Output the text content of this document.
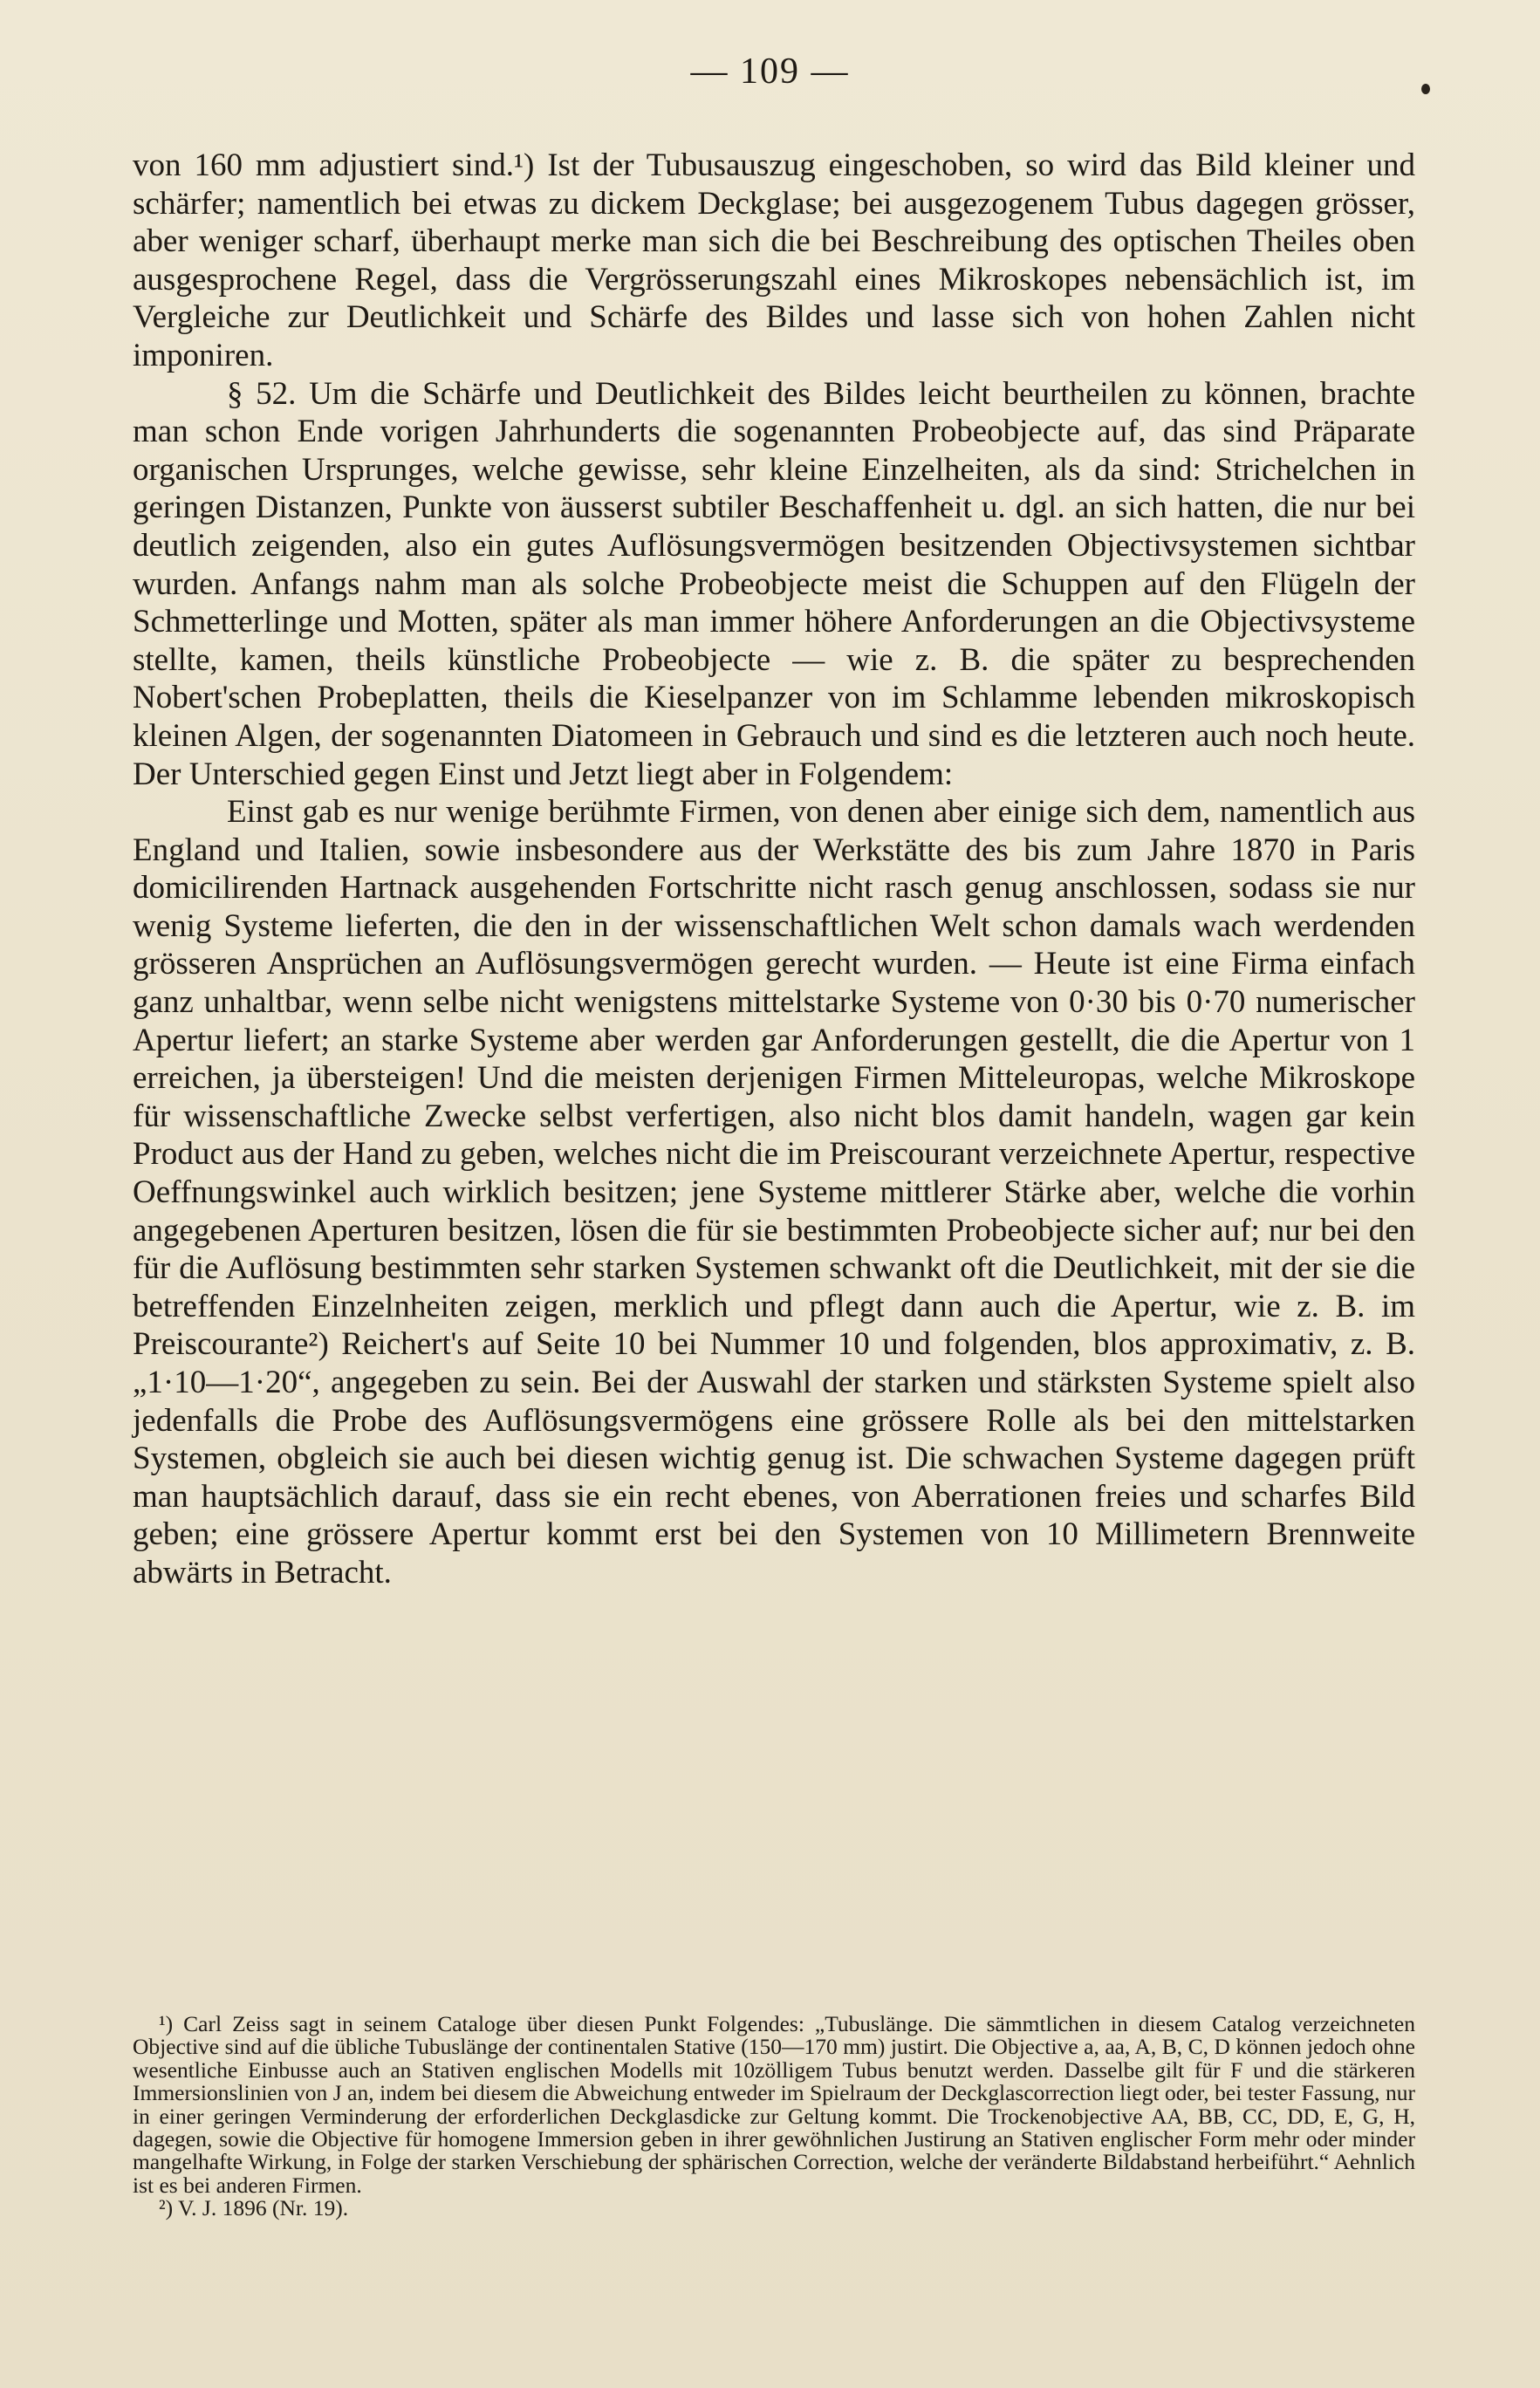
— 109 —

von 160 mm adjustiert sind.¹) Ist der Tubusauszug eingeschoben, so wird das Bild kleiner und schärfer; namentlich bei etwas zu dickem Deckglase; bei ausgezogenem Tubus dagegen grösser, aber weniger scharf, überhaupt merke man sich die bei Beschreibung des optischen Theiles oben ausgesprochene Regel, dass die Vergrösserungszahl eines Mikroskopes nebensächlich ist, im Vergleiche zur Deutlichkeit und Schärfe des Bildes und lasse sich von hohen Zahlen nicht imponiren.

§ 52. Um die Schärfe und Deutlichkeit des Bildes leicht beurtheilen zu können, brachte man schon Ende vorigen Jahrhunderts die sogenannten Probeobjecte auf, das sind Präparate organischen Ursprunges, welche gewisse, sehr kleine Einzelheiten, als da sind: Strichelchen in geringen Distanzen, Punkte von äusserst subtiler Beschaffenheit u. dgl. an sich hatten, die nur bei deutlich zeigenden, also ein gutes Auflösungsvermögen besitzenden Objectivsystemen sichtbar wurden. Anfangs nahm man als solche Probeobjecte meist die Schuppen auf den Flügeln der Schmetterlinge und Motten, später als man immer höhere Anforderungen an die Objectivsysteme stellte, kamen, theils künstliche Probeobjecte — wie z. B. die später zu besprechenden Nobert'schen Probeplatten, theils die Kieselpanzer von im Schlamme lebenden mikroskopisch kleinen Algen, der sogenannten Diatomeen in Gebrauch und sind es die letzteren auch noch heute. Der Unterschied gegen Einst und Jetzt liegt aber in Folgendem:

Einst gab es nur wenige berühmte Firmen, von denen aber einige sich dem, namentlich aus England und Italien, sowie insbesondere aus der Werkstätte des bis zum Jahre 1870 in Paris domicilirenden Hartnack ausgehenden Fortschritte nicht rasch genug anschlossen, sodass sie nur wenig Systeme lieferten, die den in der wissenschaftlichen Welt schon damals wach werdenden grösseren Ansprüchen an Auflösungsvermögen gerecht wurden. — Heute ist eine Firma einfach ganz unhaltbar, wenn selbe nicht wenigstens mittelstarke Systeme von 0·30 bis 0·70 numerischer Apertur liefert; an starke Systeme aber werden gar Anforderungen gestellt, die die Apertur von 1 erreichen, ja übersteigen! Und die meisten derjenigen Firmen Mitteleuropas, welche Mikroskope für wissenschaftliche Zwecke selbst verfertigen, also nicht blos damit handeln, wagen gar kein Product aus der Hand zu geben, welches nicht die im Preiscourant verzeichnete Apertur, respective Oeffnungswinkel auch wirklich besitzen; jene Systeme mittlerer Stärke aber, welche die vorhin angegebenen Aperturen besitzen, lösen die für sie bestimmten Probeobjecte sicher auf; nur bei den für die Auflösung bestimmten sehr starken Systemen schwankt oft die Deutlichkeit, mit der sie die betreffenden Einzelnheiten zeigen, merklich und pflegt dann auch die Apertur, wie z. B. im Preiscourante²) Reichert's auf Seite 10 bei Nummer 10 und folgenden, blos approximativ, z. B. „1·10—1·20“, angegeben zu sein. Bei der Auswahl der starken und stärksten Systeme spielt also jedenfalls die Probe des Auflösungsvermögens eine grössere Rolle als bei den mittelstarken Systemen, obgleich sie auch bei diesen wichtig genug ist. Die schwachen Systeme dagegen prüft man hauptsächlich darauf, dass sie ein recht ebenes, von Aberrationen freies und scharfes Bild geben; eine grössere Apertur kommt erst bei den Systemen von 10 Millimetern Brennweite abwärts in Betracht.

¹) Carl Zeiss sagt in seinem Cataloge über diesen Punkt Folgendes: „Tubuslänge. Die sämmtlichen in diesem Catalog verzeichneten Objective sind auf die übliche Tubuslänge der continentalen Stative (150—170 mm) justirt. Die Objective a, aa, A, B, C, D können jedoch ohne wesentliche Einbusse auch an Stativen englischen Modells mit 10zölligem Tubus benutzt werden. Dasselbe gilt für F und die stärkeren Immersionslinien von J an, indem bei diesem die Abweichung entweder im Spielraum der Deckglascorrection liegt oder, bei tester Fassung, nur in einer geringen Verminderung der erforderlichen Deckglasdicke zur Geltung kommt. Die Trockenobjective AA, BB, CC, DD, E, G, H, dagegen, sowie die Objective für homogene Immersion geben in ihrer gewöhnlichen Justirung an Stativen englischer Form mehr oder minder mangelhafte Wirkung, in Folge der starken Verschiebung der sphärischen Correction, welche der veränderte Bildabstand herbeiführt.“ Aehnlich ist es bei anderen Firmen.

²) V. J. 1896 (Nr. 19).
